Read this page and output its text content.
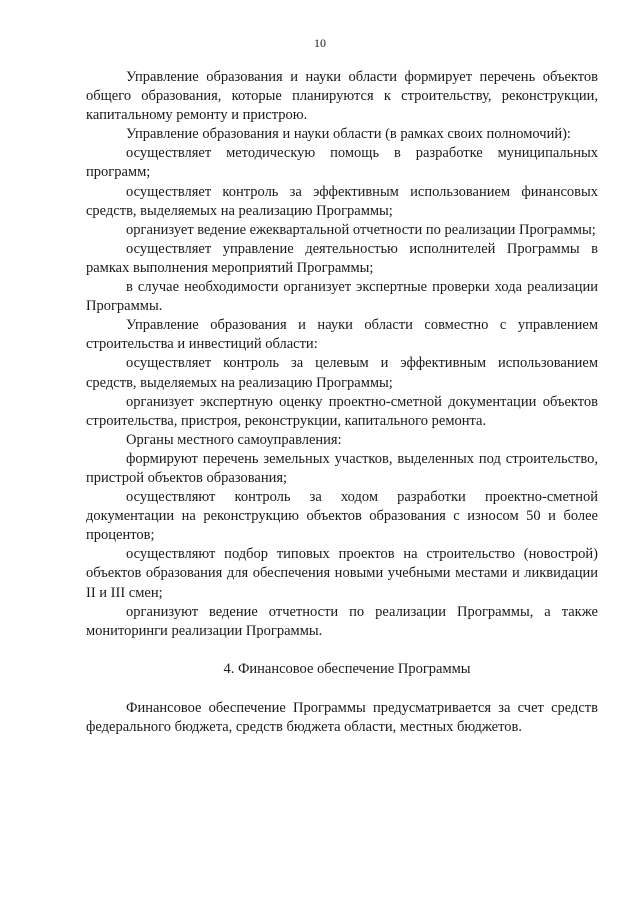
10

Управление образования и науки области формирует перечень объектов общего образования, которые планируются к строительству, реконструкции, капитальному ремонту и пристрою.

Управление образования и науки области (в рамках своих полномочий):

осуществляет методическую помощь в разработке муниципальных программ;

осуществляет контроль за эффективным использованием финансовых средств, выделяемых на реализацию Программы;

организует ведение ежеквартальной отчетности по реализации Программы;

осуществляет управление деятельностью исполнителей Программы в рамках выполнения мероприятий Программы;

в случае необходимости организует экспертные проверки хода реализации Программы.

Управление образования и науки области совместно с управлением строительства и инвестиций области:

осуществляет контроль за целевым и эффективным использованием средств, выделяемых на реализацию Программы;

организует экспертную оценку проектно-сметной документации объектов строительства, пристроя, реконструкции, капитального ремонта.

Органы местного самоуправления:

формируют перечень земельных участков, выделенных под строительство, пристрой объектов образования;

осуществляют контроль за ходом разработки проектно-сметной документации на реконструкцию объектов образования с износом 50 и более процентов;

осуществляют подбор типовых проектов на строительство (новострой) объектов образования для обеспечения новыми учебными местами и ликвидации II и III смен;

организуют ведение отчетности по реализации Программы, а также мониторинги реализации Программы.

4. Финансовое обеспечение Программы

Финансовое обеспечение Программы предусматривается за счет средств федерального бюджета, средств бюджета области, местных бюджетов.
